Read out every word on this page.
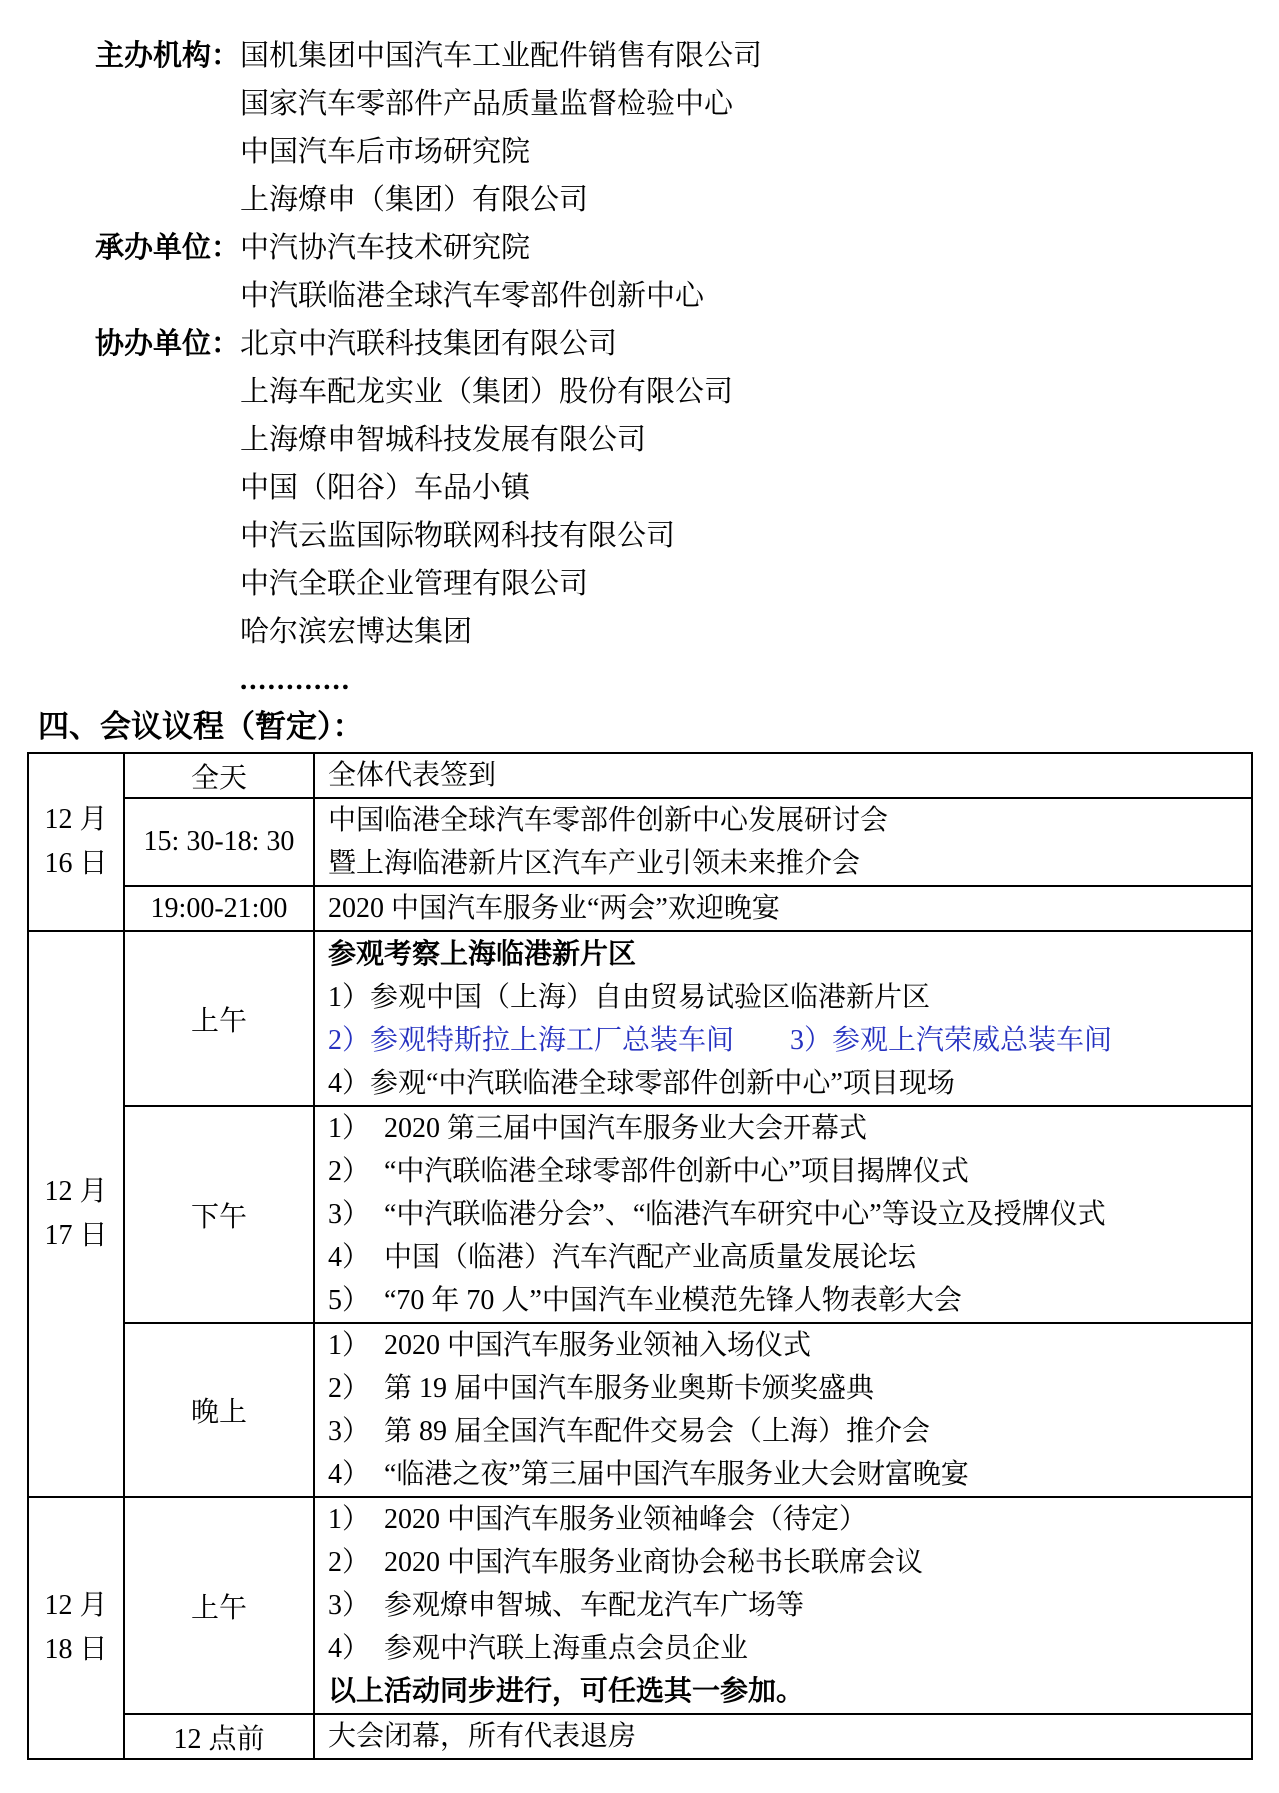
主办机构： 国机集团中国汽车工业配件销售有限公司
国家汽车零部件产品质量监督检验中心
中国汽车后市场研究院
上海燎申（集团）有限公司
承办单位： 中汽协汽车技术研究院
中汽联临港全球汽车零部件创新中心
协办单位： 北京中汽联科技集团有限公司
上海车配龙实业（集团）股份有限公司
上海燎申智城科技发展有限公司
中国（阳谷）车品小镇
中汽云监国际物联网科技有限公司
中汽全联企业管理有限公司
哈尔滨宏博达集团
............
四、会议议程（暂定）：
12 月
16 日	全天	全体代表签到

	15: 30-18: 30	中国临港全球汽车零部件创新中心发展研讨会
暨上海临港新片区汽车产业引领未来推介会

	19:00-21:00	2020 中国汽车服务业“两会”欢迎晚宴

12 月
17 日
	上午	
参观考察上海临港新片区
1）参观中国（上海）自由贸易试验区临港新片区
2）参观特斯拉上海工厂总装车间　　3）参观上汽荣威总装车间
4）参观“中汽联临港全球零部件创新中心”项目现场

	下午	1）  2020 第三届中国汽车服务业大会开幕式
2）  “中汽联临港全球零部件创新中心”项目揭牌仪式
3）  “中汽联临港分会”、“临港汽车研究中心”等设立及授牌仪式
4）  中国（临港）汽车汽配产业高质量发展论坛
5）  “70 年 70 人”中国汽车业模范先锋人物表彰大会

	晚上	1）  2020 中国汽车服务业领袖入场仪式
2）  第 19 届中国汽车服务业奥斯卡颁奖盛典
3）  第 89 届全国汽车配件交易会（上海）推介会
4）  “临港之夜”第三届中国汽车服务业大会财富晚宴

12 月
18 日
	上午	
1）  2020 中国汽车服务业领袖峰会（待定）
2）  2020 中国汽车服务业商协会秘书长联席会议
3）  参观燎申智城、车配龙汽车广场等
4）  参观中汽联上海重点会员企业
以上活动同步进行，可任选其一参加。

	12 点前	大会闭幕，所有代表退房
